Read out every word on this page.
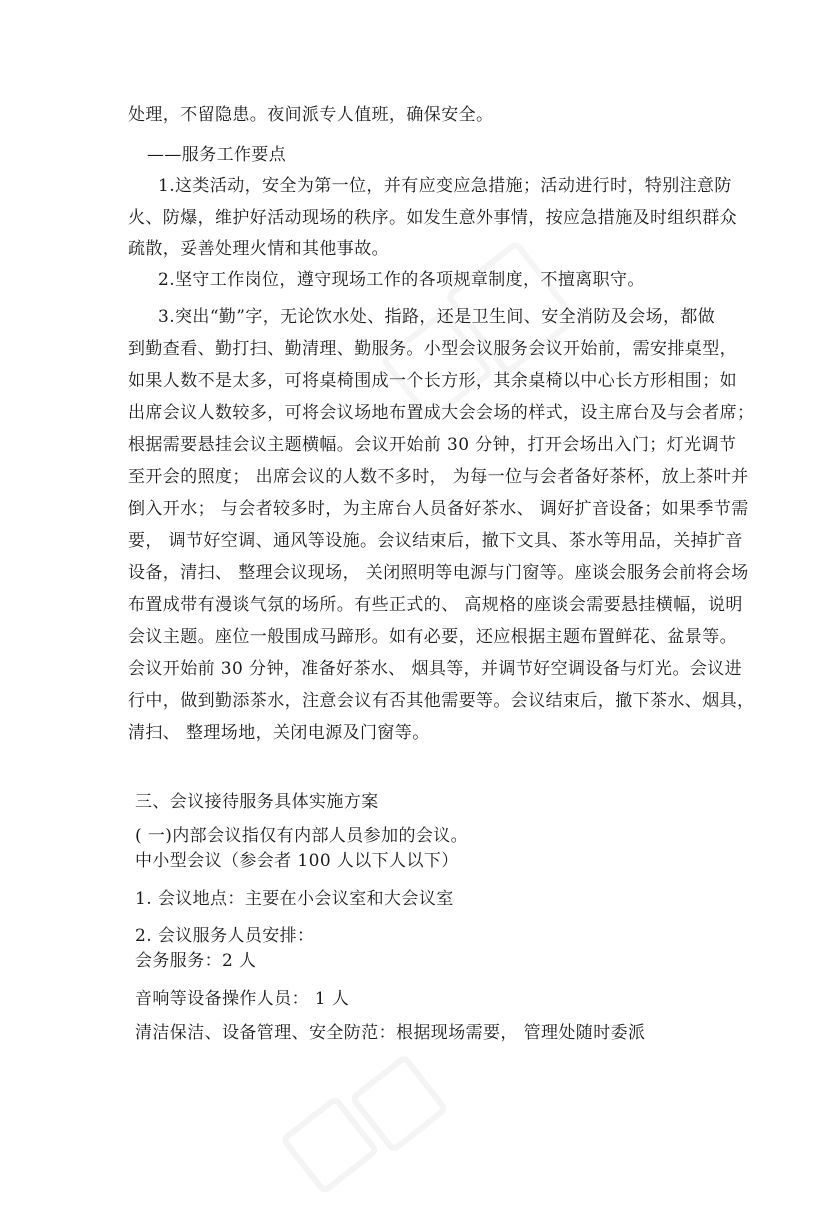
处理，不留隐患。夜间派专人值班，确保安全。

——服务工作要点

1.这类活动，安全为第一位，并有应变应急措施；活动进行时，特别注意防

火、防爆，维护好活动现场的秩序。如发生意外事情，按应急措施及时组织群众

疏散，妥善处理火情和其他事故。

2.坚守工作岗位，遵守现场工作的各项规章制度，不擅离职守。

3.突出“勤”字，无论饮水处、指路，还是卫生间、安全消防及会场，都做

到勤查看、勤打扫、勤清理、勤服务。小型会议服务会议开始前，需安排桌型，

如果人数不是太多，可将桌椅围成一个长方形，其余桌椅以中心长方形相围；如

出席会议人数较多，可将会议场地布置成大会会场的样式，设主席台及与会者席；

根据需要悬挂会议主题横幅。会议开始前 30 分钟，打开会场出入门；灯光调节

至开会的照度； 出席会议的人数不多时， 为每一位与会者备好茶杯，放上茶叶并

倒入开水； 与会者较多时，为主席台人员备好茶水、 调好扩音设备；如果季节需

要， 调节好空调、通风等设施。会议结束后，撤下文具、茶水等用品，关掉扩音

设备，清扫、 整理会议现场， 关闭照明等电源与门窗等。座谈会服务会前将会场

布置成带有漫谈气氛的场所。有些正式的、 高规格的座谈会需要悬挂横幅，说明

会议主题。座位一般围成马蹄形。如有必要，还应根据主题布置鲜花、盆景等。

会议开始前 30 分钟，准备好茶水、 烟具等，并调节好空调设备与灯光。会议进

行中，做到勤添茶水，注意会议有否其他需要等。会议结束后，撤下茶水、烟具，

清扫、 整理场地，关闭电源及门窗等。

三、会议接待服务具体实施方案

( 一)内部会议指仅有内部人员参加的会议。

中小型会议（参会者 100 人以下人以下）

1. 会议地点：主要在小会议室和大会议室

2. 会议服务人员安排：

会务服务：2 人

音响等设备操作人员： 1 人

清洁保洁、设备管理、安全防范：根据现场需要， 管理处随时委派
